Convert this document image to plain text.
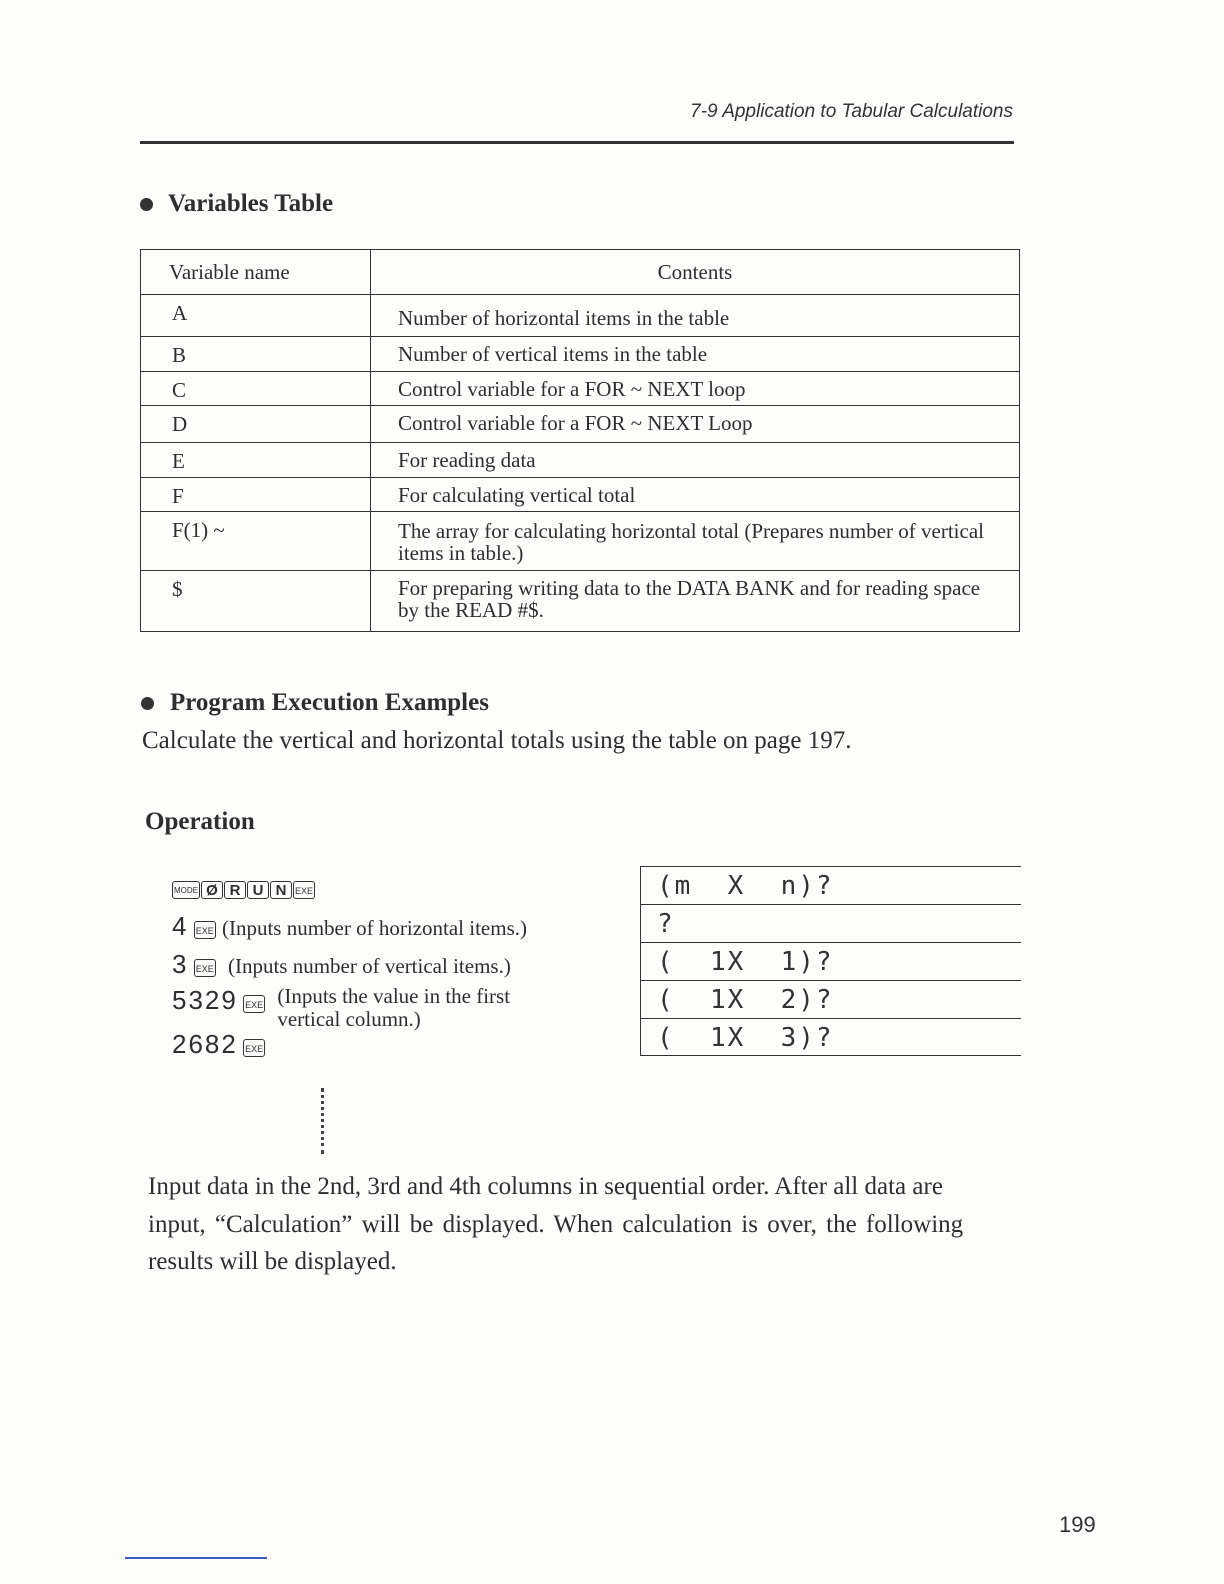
7-9 Application to Tabular Calculations
Variables Table
Variable name	Contents
A	Number of horizontal items in the table
B	Number of vertical items in the table
C	Control variable for a FOR ~ NEXT loop
D	Control variable for a FOR ~ NEXT Loop
E	For reading data
F	For calculating vertical total
F(1) ~	The array for calculating horizontal total (Prepares number of vertical items in table.)
$	For preparing writing data to the DATA BANK and for reading space by the READ #$.
Program Execution Examples
Calculate the vertical and horizontal totals using the table on page 197.
Operation
MODE Ø R U N EXE
4 EXE (Inputs number of horizontal items.)
3 EXE (Inputs number of vertical items.)
5329 EXE (Inputs the value in the first
vertical column.)
2682 EXE
(m  X  n)?
?
(  1X  1)?
(  1X  2)?
(  1X  3)?
Input data in the 2nd, 3rd and 4th columns in sequential order. After all data are
input, “Calculation” will be displayed. When calculation is over, the following
results will be displayed.
199
